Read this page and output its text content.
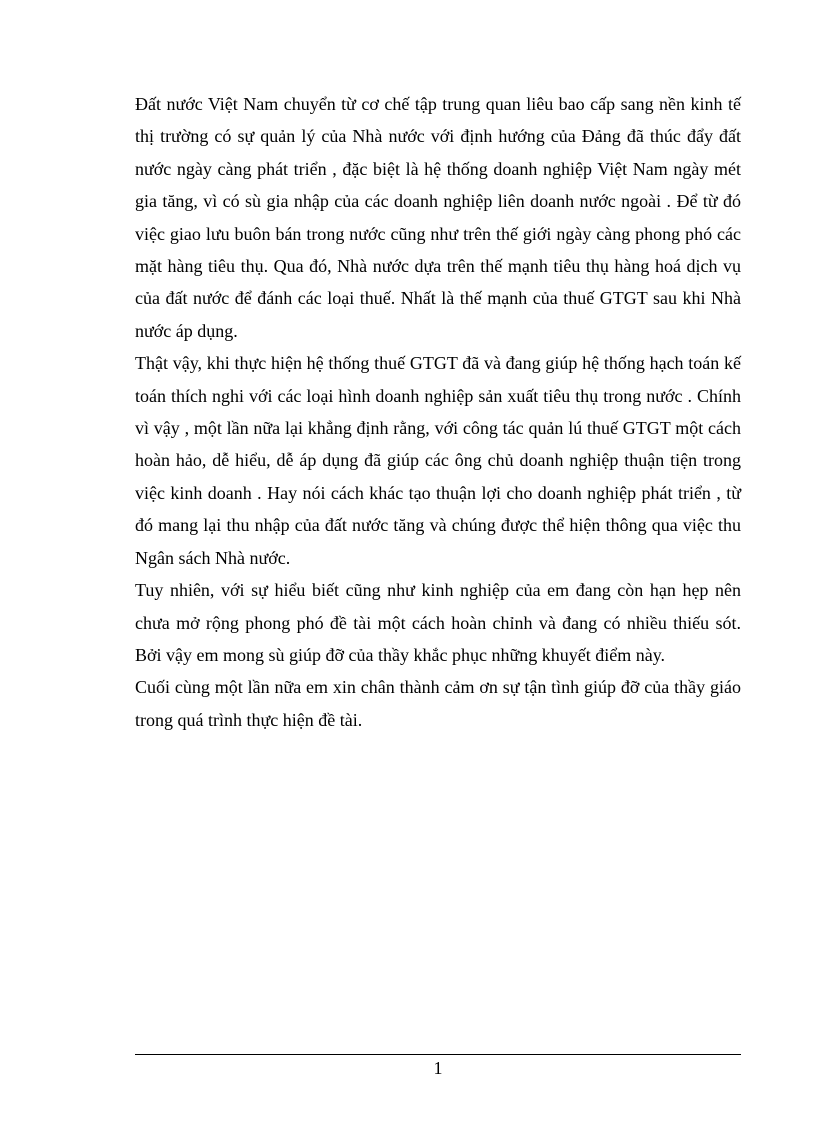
Đất nước Việt Nam chuyển từ cơ chế tập trung quan liêu bao cấp sang nền kinh tế thị trường có sự quản lý của Nhà nước với định hướng của Đảng đã thúc đẩy đất nước ngày càng phát triển , đặc biệt là hệ thống doanh nghiệp Việt Nam ngày mét gia tăng, vì có sù gia nhập của các doanh nghiệp liên doanh nước ngoài . Để từ đó việc giao lưu buôn bán trong nước cũng như trên thế giới ngày càng phong phó các mặt hàng tiêu thụ. Qua đó, Nhà nước dựa trên thế mạnh tiêu thụ hàng hoá dịch vụ của đất nước để đánh các loại thuế. Nhất là thế mạnh của thuế GTGT sau khi Nhà nước áp dụng.

Thật vậy, khi thực hiện hệ thống thuế GTGT đã và đang giúp hệ thống hạch toán kế toán thích nghi với các loại hình doanh nghiệp sản xuất tiêu thụ trong nước . Chính vì vậy , một lần nữa lại khẳng định rằng, với công tác quản lú thuế GTGT một cách hoàn hảo, dễ hiểu, dễ áp dụng đã giúp các ông chủ doanh nghiệp thuận tiện trong việc kinh doanh . Hay nói cách khác tạo thuận lợi cho doanh nghiệp phát triển , từ đó mang lại thu nhập của đất nước tăng và chúng được thể hiện thông qua việc thu Ngân sách Nhà nước.

Tuy nhiên, với sự hiểu biết cũng như kinh nghiệp của em đang còn hạn hẹp nên chưa mở rộng phong phó đề tài một cách hoàn chỉnh và đang có nhiều thiếu sót. Bởi vậy em mong sù giúp đỡ của thầy khắc phục những khuyết điểm này.

Cuối cùng một lần nữa em xin chân thành cảm ơn sự tận tình giúp đỡ của thầy giáo trong quá trình thực hiện đề tài.

1
